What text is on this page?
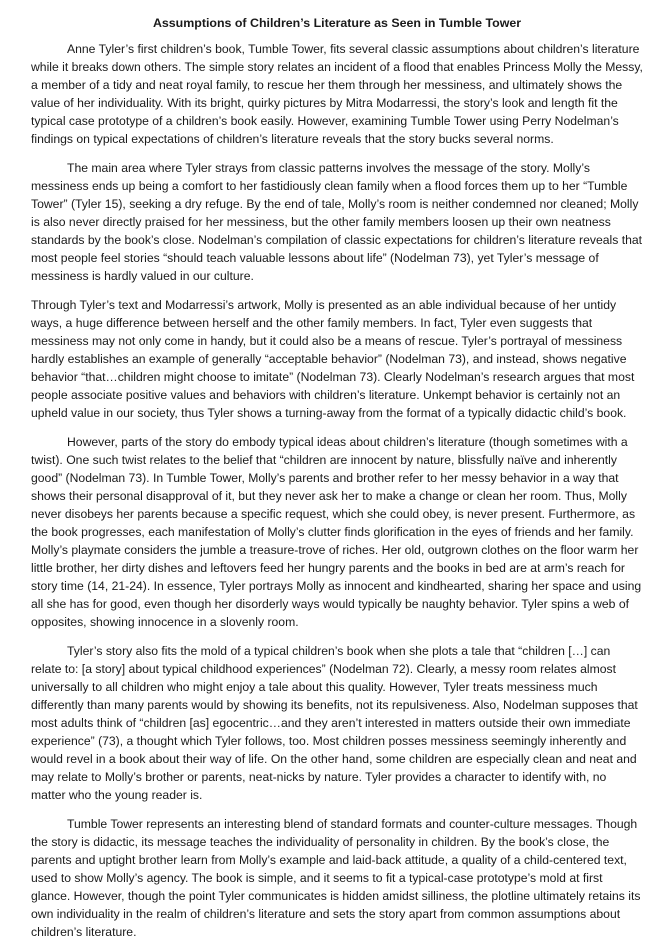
Assumptions of Children’s Literature as Seen in Tumble Tower

Anne Tyler’s first children’s book, Tumble Tower, fits several classic assumptions about children’s literature while it breaks down others. The simple story relates an incident of a flood that enables Princess Molly the Messy, a member of a tidy and neat royal family, to rescue her them through her messiness, and ultimately shows the value of her individuality. With its bright, quirky pictures by Mitra Modarressi, the story’s look and length fit the typical case prototype of a children’s book easily. However, examining Tumble Tower using Perry Nodelman’s findings on typical expectations of children’s literature reveals that the story bucks several norms.

The main area where Tyler strays from classic patterns involves the message of the story. Molly’s messiness ends up being a comfort to her fastidiously clean family when a flood forces them up to her “Tumble Tower” (Tyler 15), seeking a dry refuge. By the end of tale, Molly’s room is neither condemned nor cleaned; Molly is also never directly praised for her messiness, but the other family members loosen up their own neatness standards by the book’s close. Nodelman’s compilation of classic expectations for children’s literature reveals that most people feel stories “should teach valuable lessons about life” (Nodelman 73), yet Tyler’s message of messiness is hardly valued in our culture.

Through Tyler’s text and Modarressi’s artwork, Molly is presented as an able individual because of her untidy ways, a huge difference between herself and the other family members. In fact, Tyler even suggests that messiness may not only come in handy, but it could also be a means of rescue. Tyler’s portrayal of messiness hardly establishes an example of generally “acceptable behavior” (Nodelman 73), and instead, shows negative behavior “that…children might choose to imitate” (Nodelman 73). Clearly Nodelman’s research argues that most people associate positive values and behaviors with children’s literature. Unkempt behavior is certainly not an upheld value in our society, thus Tyler shows a turning-away from the format of a typically didactic child’s book.

However, parts of the story do embody typical ideas about children’s literature (though sometimes with a twist). One such twist relates to the belief that “children are innocent by nature, blissfully naïve and inherently good” (Nodelman 73). In Tumble Tower, Molly’s parents and brother refer to her messy behavior in a way that shows their personal disapproval of it, but they never ask her to make a change or clean her room. Thus, Molly never disobeys her parents because a specific request, which she could obey, is never present. Furthermore, as the book progresses, each manifestation of Molly’s clutter finds glorification in the eyes of friends and her family. Molly’s playmate considers the jumble a treasure-trove of riches. Her old, outgrown clothes on the floor warm her little brother, her dirty dishes and leftovers feed her hungry parents and the books in bed are at arm’s reach for story time (14, 21-24). In essence, Tyler portrays Molly as innocent and kindhearted, sharing her space and using all she has for good, even though her disorderly ways would typically be naughty behavior. Tyler spins a web of opposites, showing innocence in a slovenly room.

Tyler’s story also fits the mold of a typical children’s book when she plots a tale that “children […] can relate to: [a story] about typical childhood experiences” (Nodelman 72). Clearly, a messy room relates almost universally to all children who might enjoy a tale about this quality. However, Tyler treats messiness much differently than many parents would by showing its benefits, not its repulsiveness. Also, Nodelman supposes that most adults think of “children [as] egocentric…and they aren’t interested in matters outside their own immediate experience” (73), a thought which Tyler follows, too. Most children posses messiness seemingly inherently and would revel in a book about their way of life. On the other hand, some children are especially clean and neat and may relate to Molly’s brother or parents, neat-nicks by nature. Tyler provides a character to identify with, no matter who the young reader is.

Tumble Tower represents an interesting blend of standard formats and counter-culture messages. Though the story is didactic, its message teaches the individuality of personality in children. By the book’s close, the parents and uptight brother learn from Molly’s example and laid-back attitude, a quality of a child-centered text, used to show Molly’s agency. The book is simple, and it seems to fit a typical-case prototype’s mold at first glance. However, though the point Tyler communicates is hidden amidst silliness, the plotline ultimately retains its own individuality in the realm of children’s literature and sets the story apart from common assumptions about children’s literature.
